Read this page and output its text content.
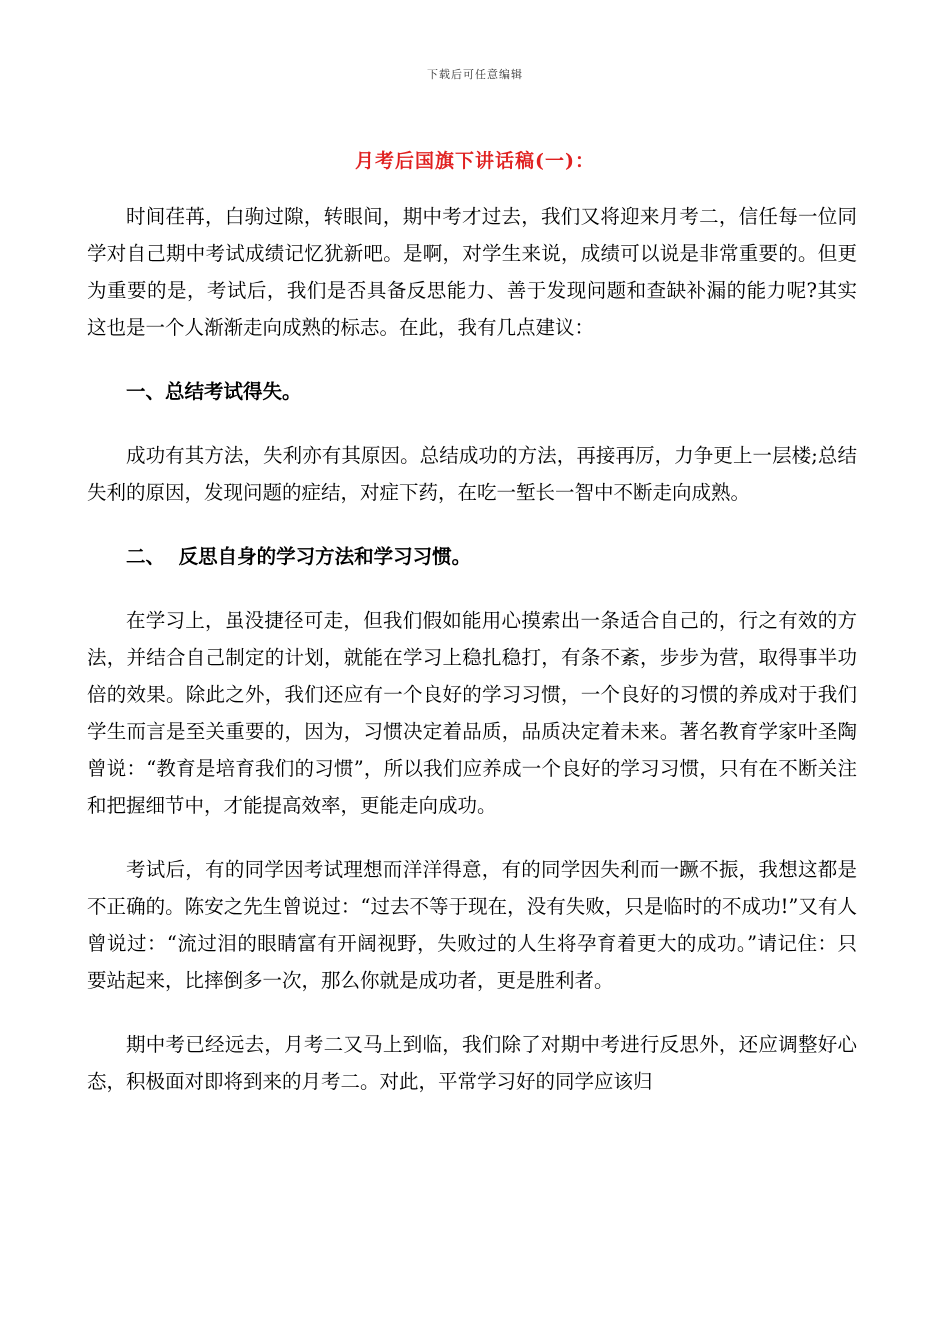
下载后可任意编辑
月考后国旗下讲话稿(一)：

时间荏苒，白驹过隙，转眼间，期中考才过去，我们又将迎来月考二，信任每一位同学对自己期中考试成绩记忆犹新吧。是啊，对学生来说，成绩可以说是非常重要的。但更为重要的是，考试后，我们是否具备反思能力、善于发现问题和查缺补漏的能力呢?其实这也是一个人渐渐走向成熟的标志。在此，我有几点建议：

一、总结考试得失。

成功有其方法，失利亦有其原因。总结成功的方法，再接再厉，力争更上一层楼;总结失利的原因，发现问题的症结，对症下药，在吃一堑长一智中不断走向成熟。

二、  反思自身的学习方法和学习习惯。

在学习上，虽没捷径可走，但我们假如能用心摸索出一条适合自己的，行之有效的方法，并结合自己制定的计划，就能在学习上稳扎稳打，有条不紊，步步为营，取得事半功倍的效果。除此之外，我们还应有一个良好的学习习惯，一个良好的习惯的养成对于我们学生而言是至关重要的，因为，习惯决定着品质，品质决定着未来。著名教育学家叶圣陶曾说：“教育是培育我们的习惯”，所以我们应养成一个良好的学习习惯，只有在不断关注和把握细节中，才能提高效率，更能走向成功。

考试后，有的同学因考试理想而洋洋得意，有的同学因失利而一蹶不振，我想这都是不正确的。陈安之先生曾说过：“过去不等于现在，没有失败，只是临时的不成功!”又有人曾说过：“流过泪的眼睛富有开阔视野，失败过的人生将孕育着更大的成功。”请记住：只要站起来，比摔倒多一次，那么你就是成功者，更是胜利者。

期中考已经远去，月考二又马上到临，我们除了对期中考进行反思外，还应调整好心态，积极面对即将到来的月考二。对此，平常学习好的同学应该归
